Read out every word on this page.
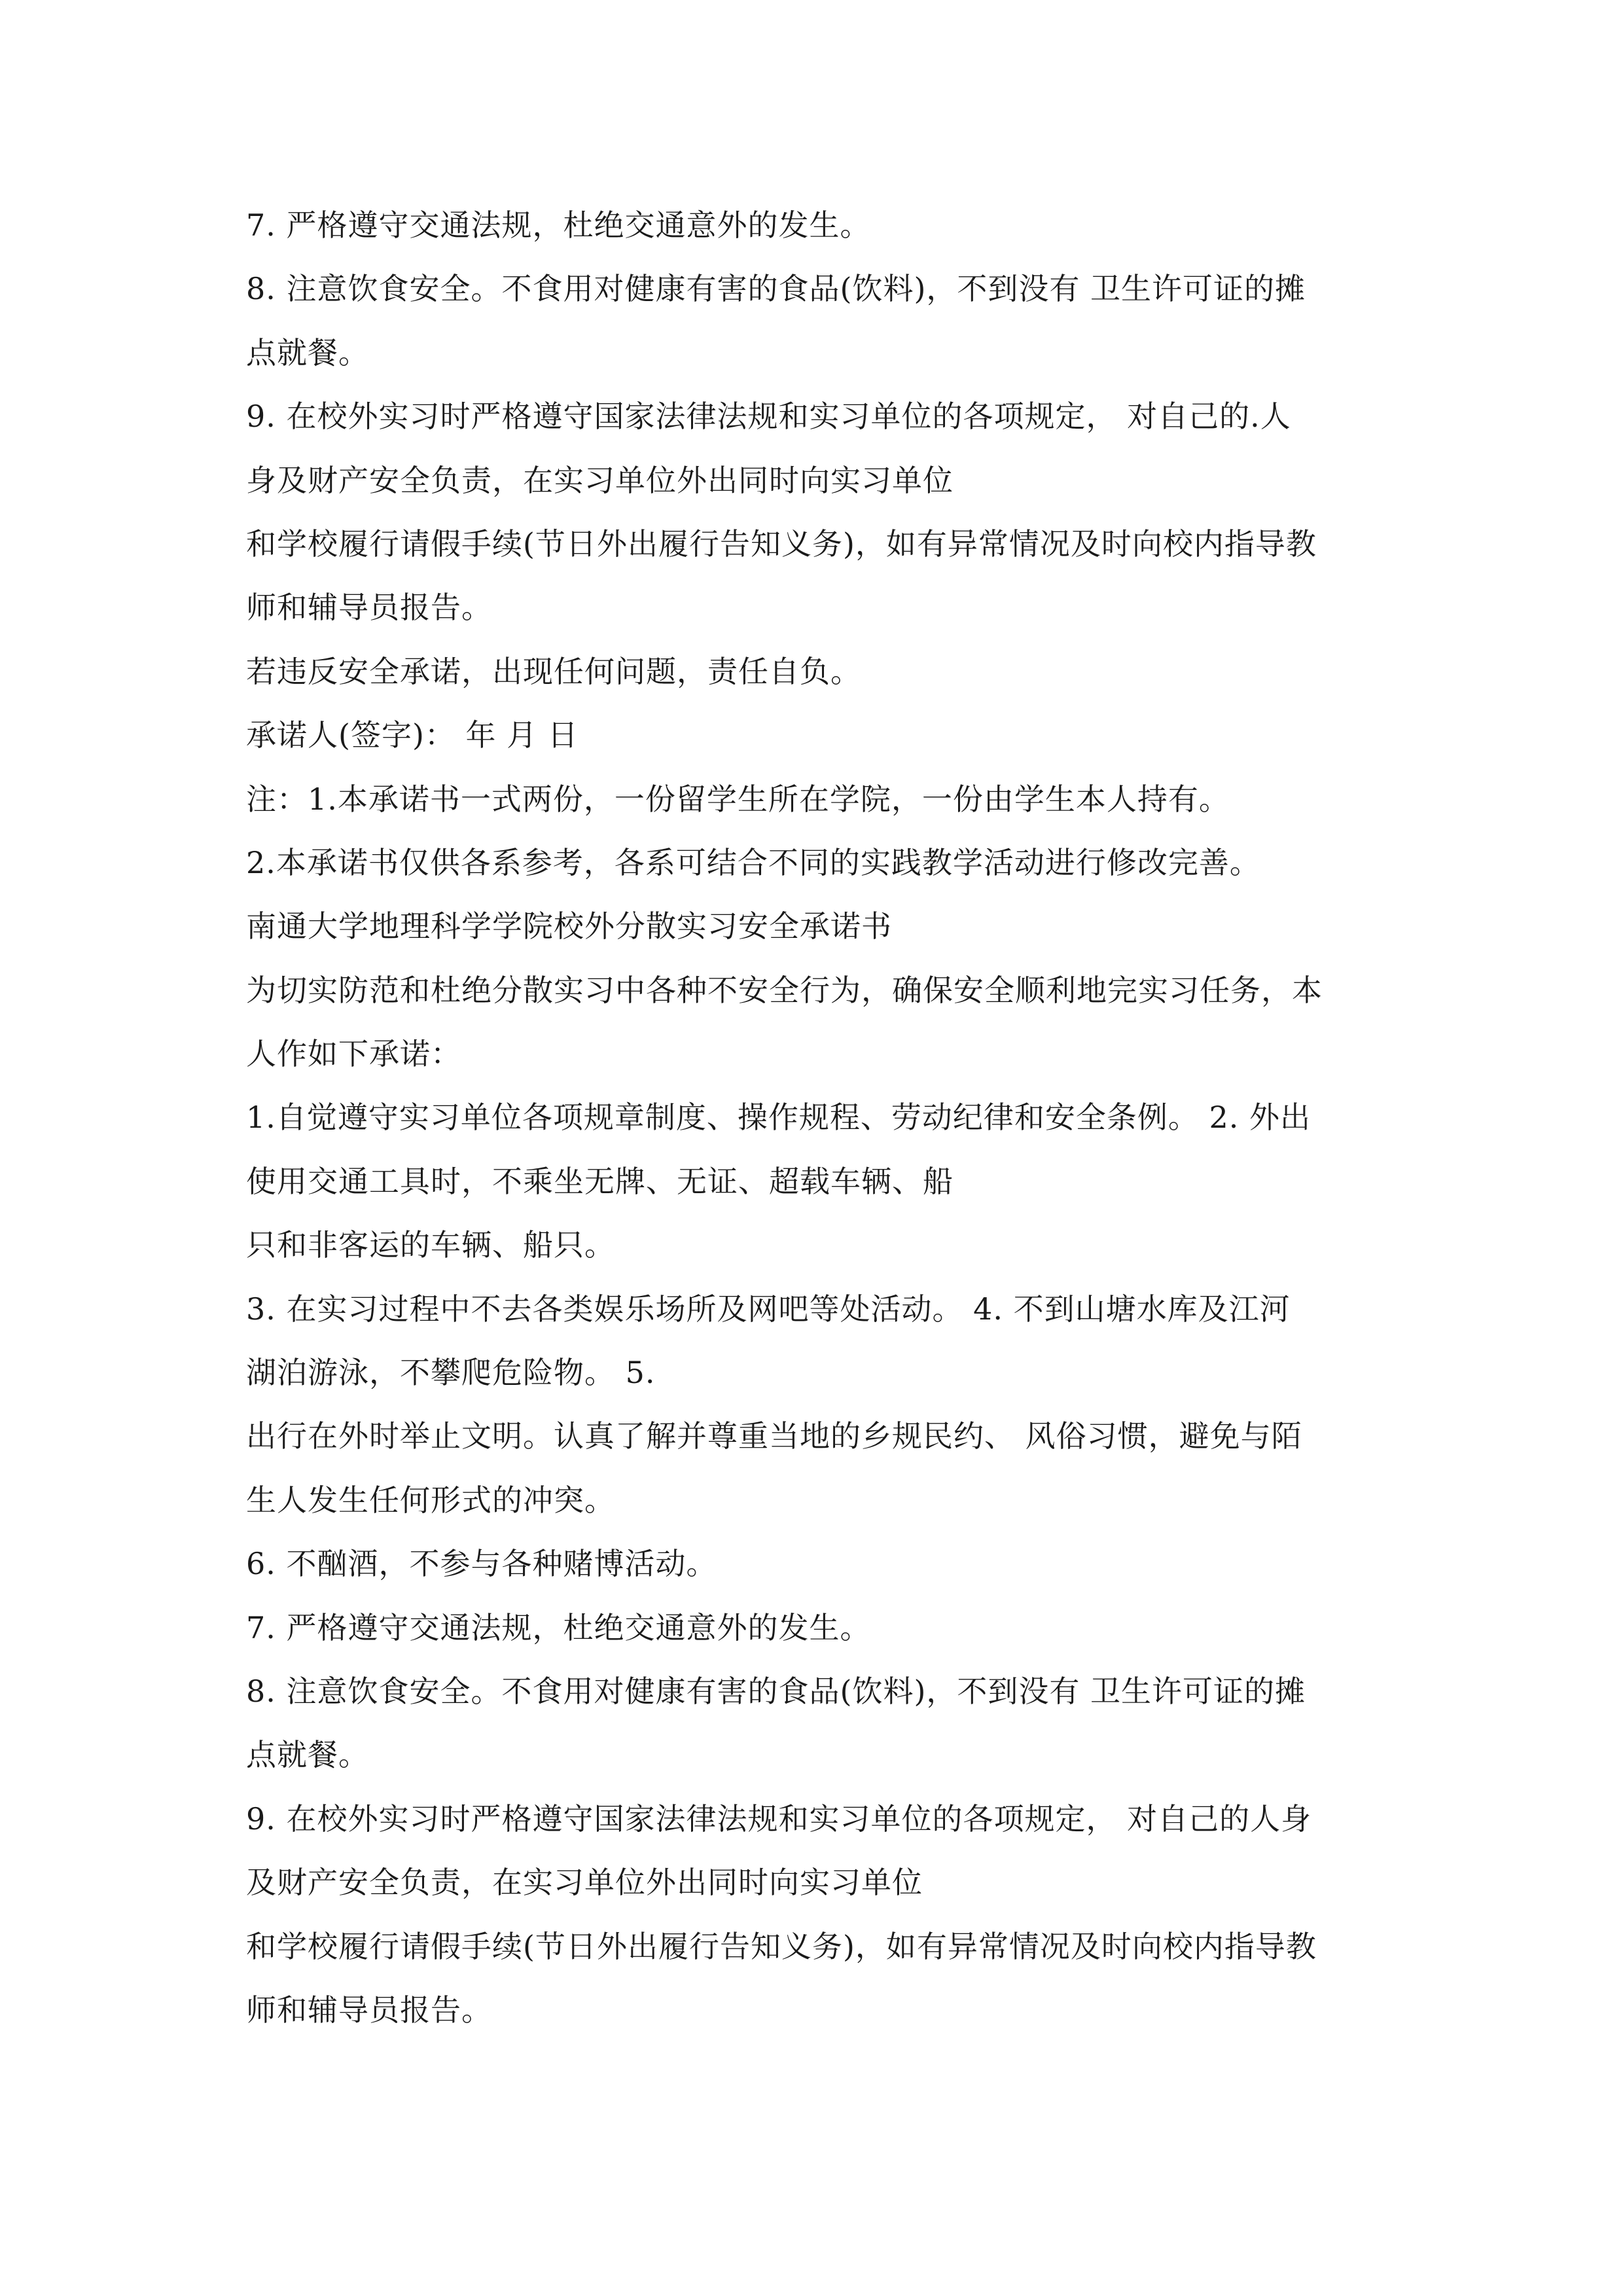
7. 严格遵守交通法规，杜绝交通意外的发生。
8. 注意饮食安全。不食用对健康有害的食品(饮料)，不到没有 卫生许可证的摊
点就餐。
9. 在校外实习时严格遵守国家法律法规和实习单位的各项规定， 对自己的.人
身及财产安全负责，在实习单位外出同时向实习单位
和学校履行请假手续(节日外出履行告知义务)，如有异常情况及时向校内指导教
师和辅导员报告。
若违反安全承诺，出现任何问题，责任自负。
承诺人(签字)： 年 月 日
注：1.本承诺书一式两份，一份留学生所在学院，一份由学生本人持有。
2.本承诺书仅供各系参考，各系可结合不同的实践教学活动进行修改完善。
南通大学地理科学学院校外分散实习安全承诺书
为切实防范和杜绝分散实习中各种不安全行为，确保安全顺利地完实习任务，本
人作如下承诺：
1.自觉遵守实习单位各项规章制度、操作规程、劳动纪律和安全条例。 2. 外出
使用交通工具时，不乘坐无牌、无证、超载车辆、船
只和非客运的车辆、船只。
3. 在实习过程中不去各类娱乐场所及网吧等处活动。 4. 不到山塘水库及江河
湖泊游泳，不攀爬危险物。 5.
出行在外时举止文明。认真了解并尊重当地的乡规民约、 风俗习惯，避免与陌
生人发生任何形式的冲突。
6. 不酗酒，不参与各种赌博活动。
7. 严格遵守交通法规，杜绝交通意外的发生。
8. 注意饮食安全。不食用对健康有害的食品(饮料)，不到没有 卫生许可证的摊
点就餐。
9. 在校外实习时严格遵守国家法律法规和实习单位的各项规定， 对自己的人身
及财产安全负责，在实习单位外出同时向实习单位
和学校履行请假手续(节日外出履行告知义务)，如有异常情况及时向校内指导教
师和辅导员报告。
